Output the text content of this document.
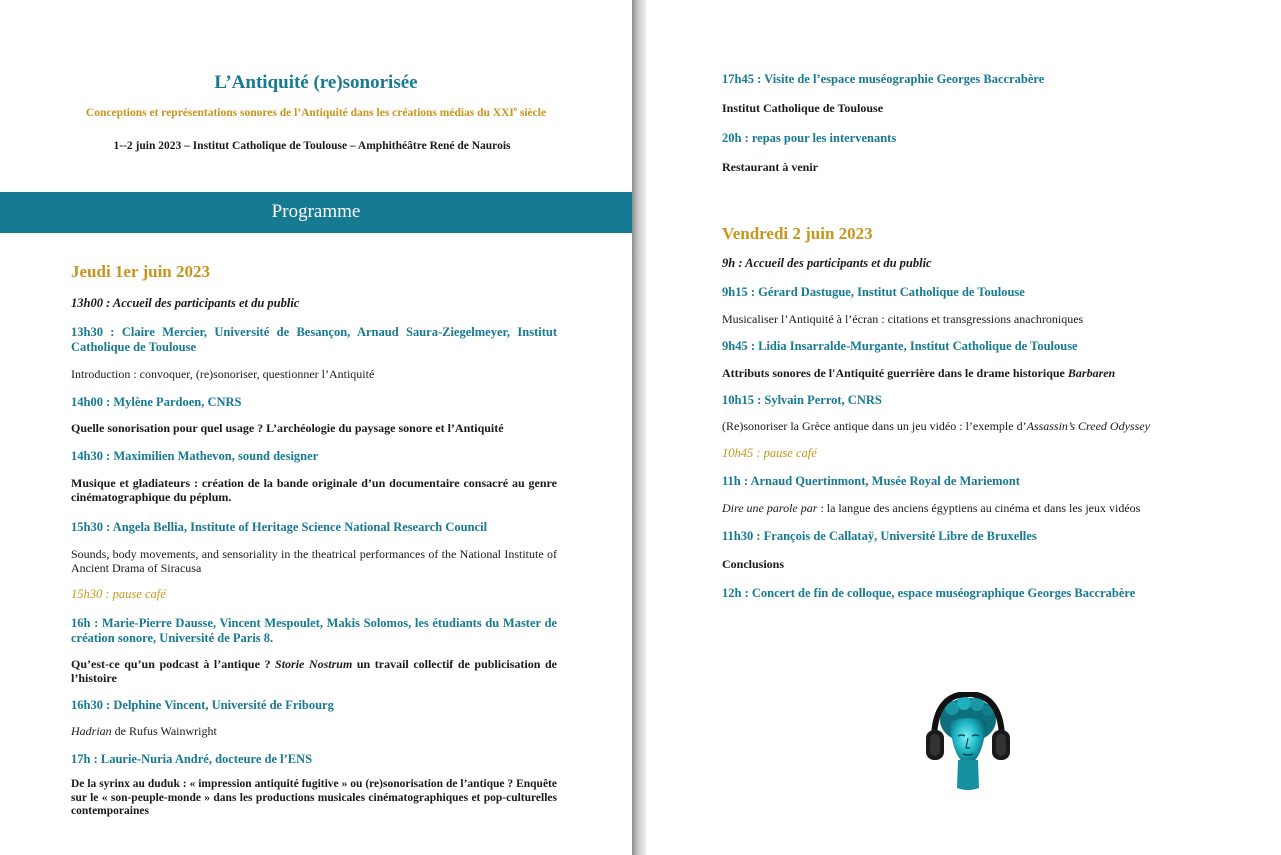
L’Antiquité (re)sonorisée
Conceptions et représentations sonores de l’Antiquité dans les créations médias du XXIe siècle
1--2 juin 2023 – Institut Catholique de Toulouse – Amphithéâtre René de Naurois
Programme
Jeudi 1er juin 2023
13h00 : Accueil des participants et du public
13h30 : Claire Mercier, Université de Besançon, Arnaud Saura-Ziegelmeyer, Institut Catholique de Toulouse
Introduction : convoquer, (re)sonoriser, questionner l’Antiquité
14h00 : Mylène Pardoen, CNRS
Quelle sonorisation pour quel usage ? L’archéologie du paysage sonore et l’Antiquité
14h30 : Maximilien Mathevon, sound designer
Musique et gladiateurs : création de la bande originale d’un documentaire consacré au genre cinématographique du péplum.
15h30 : Angela Bellia, Institute of Heritage Science National Research Council
Sounds, body movements, and sensoriality in the theatrical performances of the National Institute of Ancient Drama of Siracusa
15h30 : pause café
16h : Marie-Pierre Dausse, Vincent Mespoulet, Makis Solomos, les étudiants du Master de création sonore, Université de Paris 8.
Qu’est-ce qu’un podcast à l’antique ? Storie Nostrum un travail collectif de publicisation de l’histoire
16h30 : Delphine Vincent, Université de Fribourg
Hadrian de Rufus Wainwright
17h : Laurie-Nuria André, docteure de l’ENS
De la syrinx au duduk : « impression antiquité fugitive » ou (re)sonorisation de l’antique ? Enquête sur le « son-peuple-monde » dans les productions musicales cinématographiques et pop-culturelles contemporaines
17h45 : Visite de l’espace muséographie Georges Baccrabère
Institut Catholique de Toulouse
20h : repas pour les intervenants
Restaurant à venir
Vendredi 2 juin 2023
9h : Accueil des participants et du public
9h15 : Gérard Dastugue, Institut Catholique de Toulouse
Musicaliser l’Antiquité à l’écran : citations et transgressions anachroniques
9h45 : Lidia Insarralde-Murgante, Institut Catholique de Toulouse
Attributs sonores de l'Antiquité guerrière dans le drame historique Barbaren
10h15 : Sylvain Perrot, CNRS
(Re)sonoriser la Grèce antique dans un jeu vidéo : l’exemple d’Assassin’s Creed Odyssey
10h45 : pause café
11h : Arnaud Quertinmont, Musée Royal de Mariemont
Dire une parole par : la langue des anciens égyptiens au cinéma et dans les jeux vidéos
11h30 : François de Callataÿ, Université Libre de Bruxelles
Conclusions
12h : Concert de fin de colloque, espace muséographique Georges Baccrabère
